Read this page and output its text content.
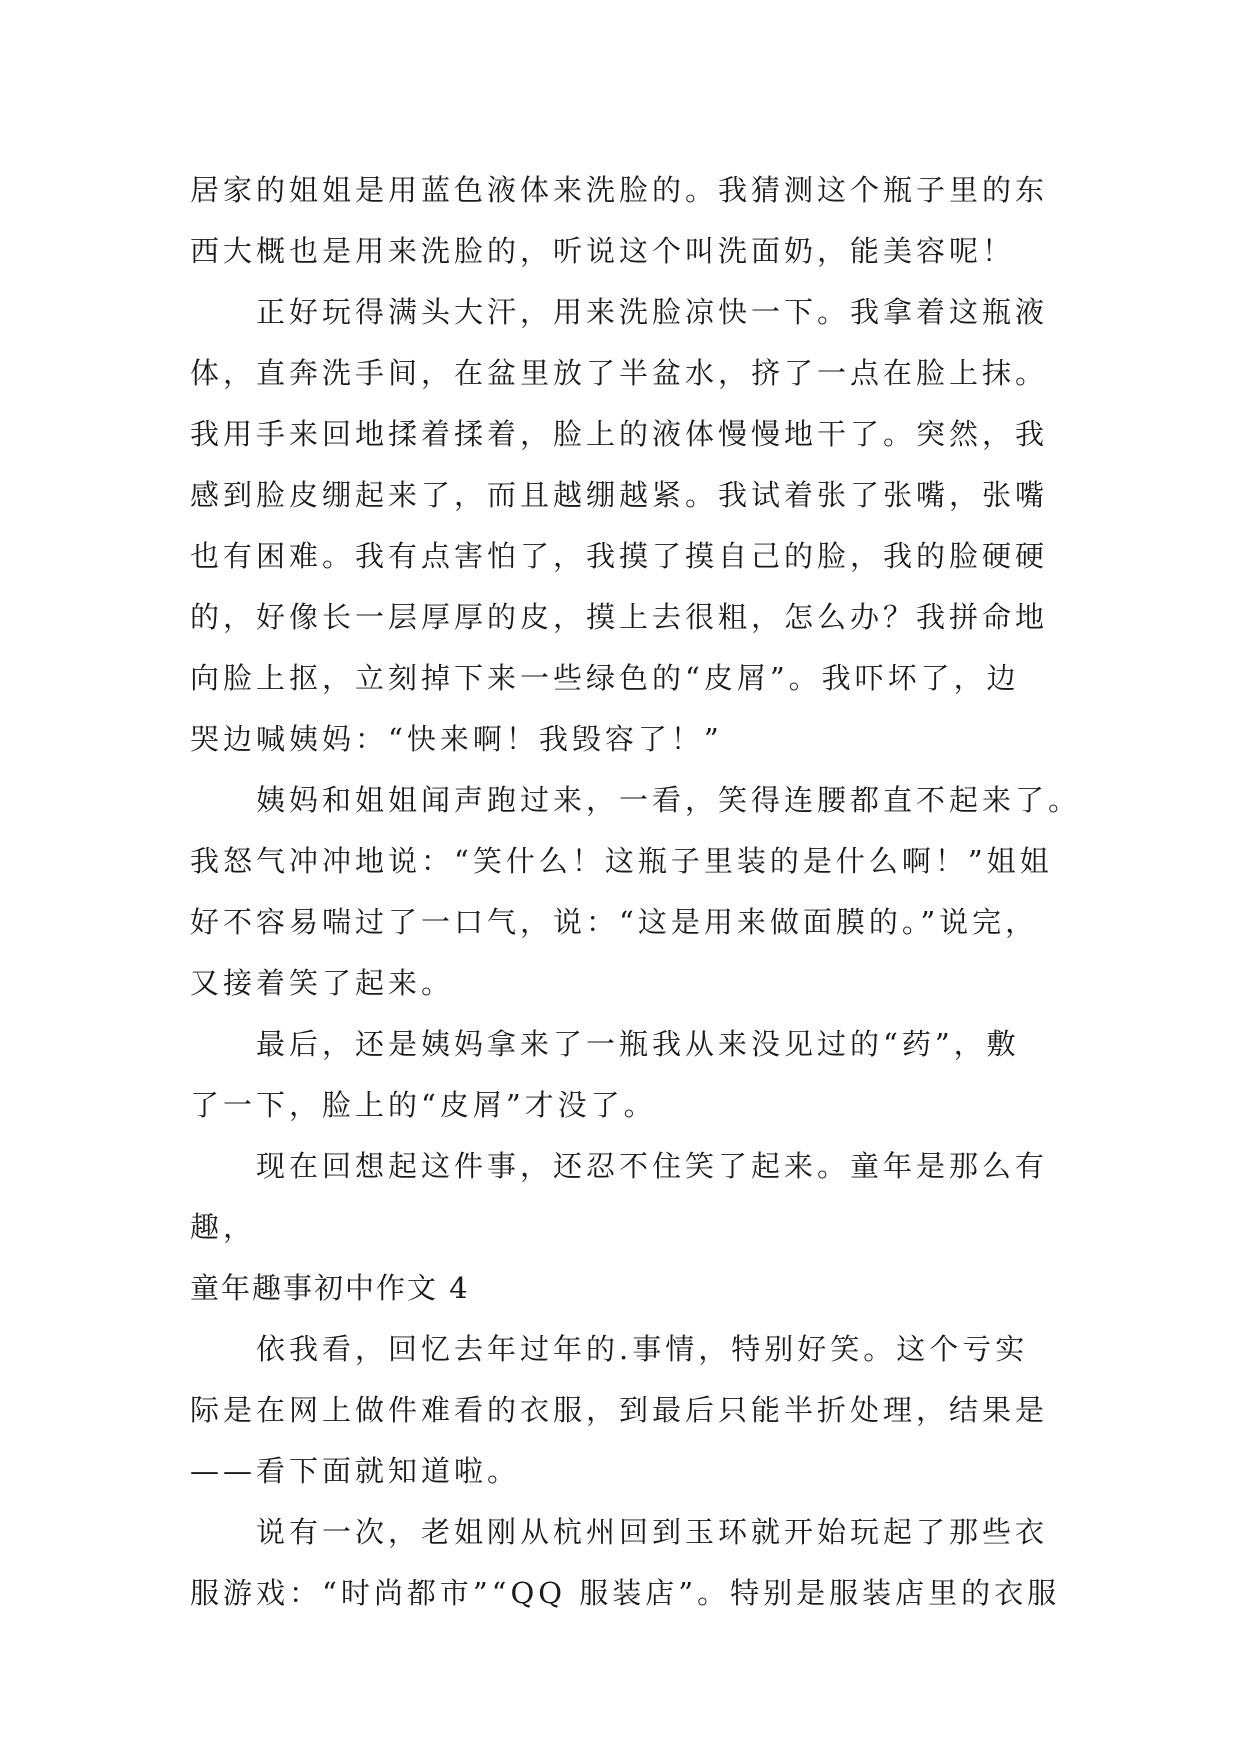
居家的姐姐是用蓝色液体来洗脸的。我猜测这个瓶子里的东
西大概也是用来洗脸的，听说这个叫洗面奶，能美容呢！
正好玩得满头大汗，用来洗脸凉快一下。我拿着这瓶液
体，直奔洗手间，在盆里放了半盆水，挤了一点在脸上抹。
我用手来回地揉着揉着，脸上的液体慢慢地干了。突然，我
感到脸皮绷起来了，而且越绷越紧。我试着张了张嘴，张嘴
也有困难。我有点害怕了，我摸了摸自己的脸，我的脸硬硬
的，好像长一层厚厚的皮，摸上去很粗，怎么办？我拼命地
向脸上抠，立刻掉下来一些绿色的“皮屑”。我吓坏了，边
哭边喊姨妈：“快来啊！我毁容了！”
姨妈和姐姐闻声跑过来，一看，笑得连腰都直不起来了。
我怒气冲冲地说：“笑什么！这瓶子里装的是什么啊！”姐姐
好不容易喘过了一口气，说：“这是用来做面膜的。”说完，
又接着笑了起来。
最后，还是姨妈拿来了一瓶我从来没见过的“药”，敷
了一下，脸上的“皮屑”才没了。
现在回想起这件事，还忍不住笑了起来。童年是那么有
趣，
童年趣事初中作文 4
依我看，回忆去年过年的.事情，特别好笑。这个亏实
际是在网上做件难看的衣服，到最后只能半折处理，结果是
——看下面就知道啦。
说有一次，老姐刚从杭州回到玉环就开始玩起了那些衣
服游戏：“时尚都市”“QQ 服装店”。特别是服装店里的衣服
